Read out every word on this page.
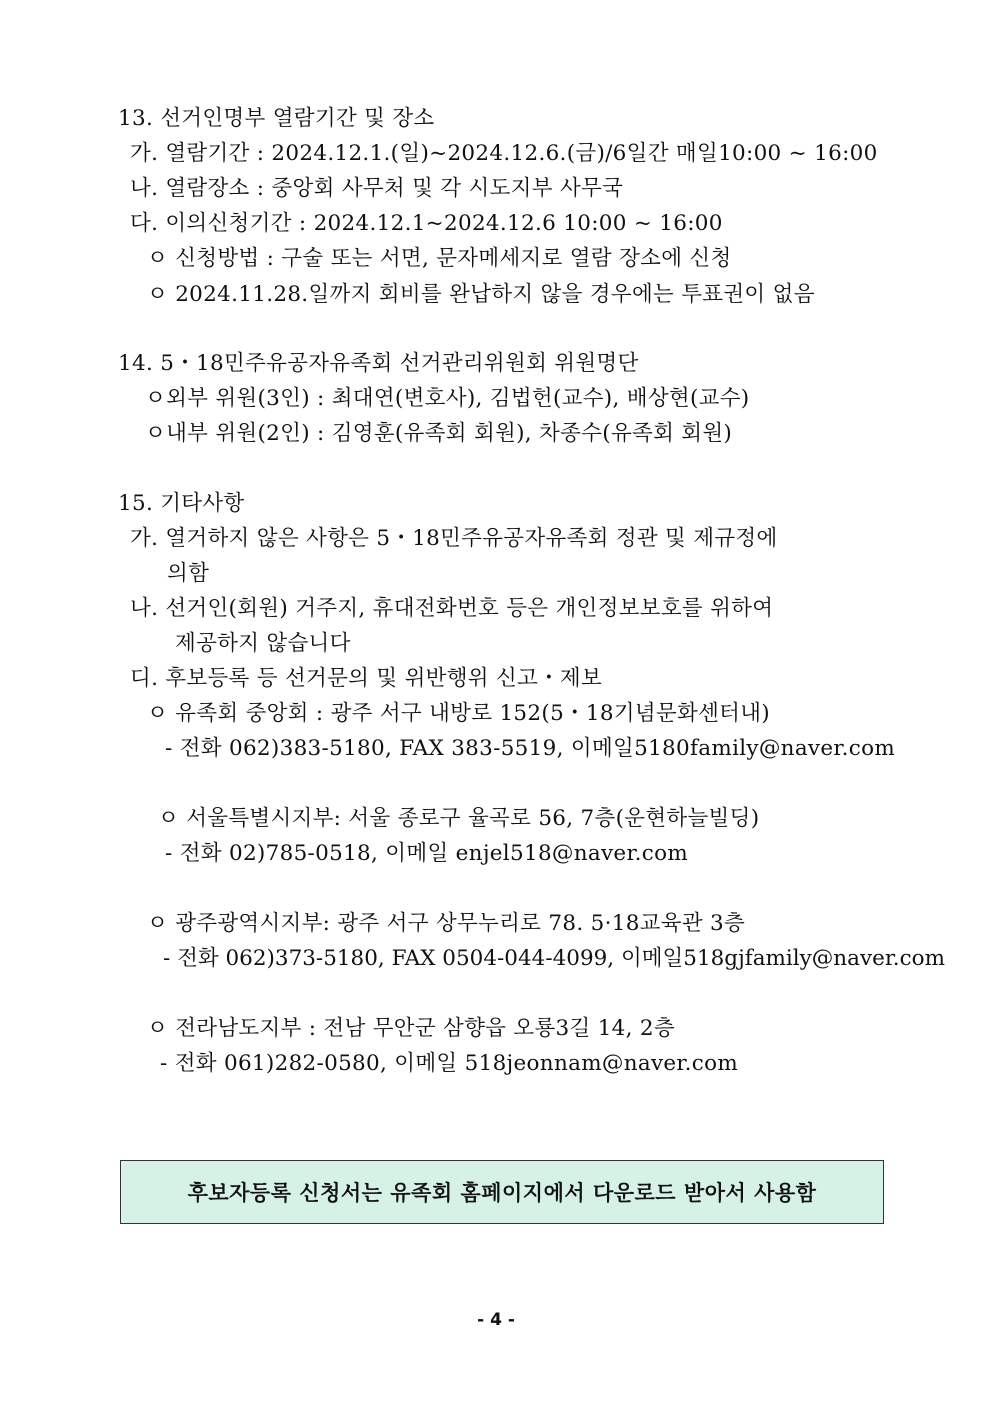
13. 선거인명부 열람기간 및 장소
가. 열람기간 : 2024.12.1.(일)~2024.12.6.(금)/6일간 매일10:00 ~ 16:00
나. 열람장소 : 중앙회 사무처 및 각 시도지부 사무국
다. 이의신청기간 : 2024.12.1~2024.12.6 10:00 ~ 16:00
ㅇ 신청방법 : 구술 또는 서면, 문자메세지로 열람 장소에 신청
ㅇ 2024.11.28.일까지 회비를 완납하지 않을 경우에는 투표권이 없음
14. 5・18민주유공자유족회 선거관리위원회 위원명단
ㅇ외부 위원(3인) : 최대연(변호사), 김법헌(교수), 배상현(교수)
ㅇ내부 위원(2인) : 김영훈(유족회 회원), 차종수(유족회 회원)
15. 기타사항
가. 열거하지 않은 사항은 5・18민주유공자유족회 정관 및 제규정에
의함
나. 선거인(회원) 거주지, 휴대전화번호 등은 개인정보보호를 위하여
제공하지 않습니다
디. 후보등록 등 선거문의 및 위반행위 신고・제보
ㅇ 유족회 중앙회 : 광주 서구 내방로 152(5・18기념문화센터내)
- 전화 062)383-5180, FAX 383-5519, 이메일5180family@naver.com
ㅇ 서울특별시지부: 서울 종로구 율곡로 56, 7층(운현하늘빌딩)
- 전화 02)785-0518, 이메일 enjel518@naver.com
ㅇ 광주광역시지부: 광주 서구 상무누리로 78. 5·18교육관 3층
- 전화 062)373-5180, FAX 0504-044-4099, 이메일518gjfamily@naver.com
ㅇ 전라남도지부 : 전남 무안군 삼향읍 오룡3길 14, 2층
- 전화 061)282-0580, 이메일 518jeonnam@naver.com
후보자등록 신청서는 유족회 홈페이지에서 다운로드 받아서 사용함
- 4 -
